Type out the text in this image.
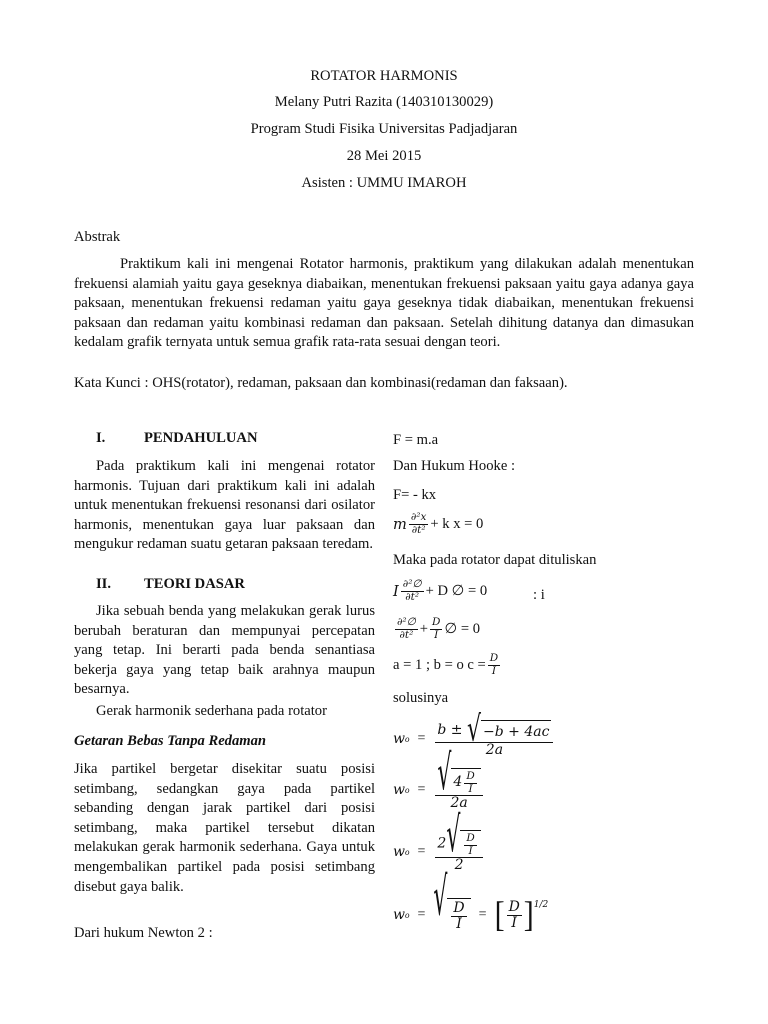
ROTATOR HARMONIS
Melany Putri Razita (140310130029)
Program Studi Fisika Universitas Padjadjaran
28 Mei 2015
Asisten : UMMU IMAROH
Abstrak
Praktikum kali ini mengenai Rotator harmonis, praktikum yang dilakukan adalah menentukan frekuensi alamiah yaitu gaya geseknya diabaikan, menentukan frekuensi paksaan yaitu gaya adanya gaya paksaan, menentukan frekuensi redaman yaitu gaya geseknya tidak diabaikan, menentukan frekuensi paksaan dan redaman yaitu kombinasi redaman dan paksaan. Setelah dihitung datanya dan dimasukan kedalam grafik ternyata untuk semua grafik rata-rata sesuai dengan teori.
Kata Kunci : OHS(rotator), redaman, paksaan dan kombinasi(redaman dan faksaan).
I.	PENDAHULUAN
Pada praktikum kali ini mengenai rotator harmonis. Tujuan dari praktikum kali ini adalah untuk menentukan frekuensi resonansi dari osilator harmonis, menentukan gaya luar paksaan dan mengukur redaman suatu getaran paksaan teredam.
II. TEORI DASAR
Jika sebuah benda yang melakukan gerak lurus berubah beraturan dan mempunyai percepatan yang tetap. Ini berarti pada benda senantiasa bekerja gaya yang tetap baik arahnya maupun besarnya.
Gerak harmonik sederhana pada rotator
Getaran Bebas Tanpa Redaman
Jika partikel bergetar disekitar suatu posisi setimbang, sedangkan gaya pada partikel sebanding dengan jarak partikel dari posisi setimbang, maka partikel tersebut dikatan melakukan gerak harmonik sederhana. Gaya untuk mengembalikan partikel pada posisi setimbang disebut gaya balik.
Dari hukum Newton 2 :
F = m.a
Dan Hukum Hooke :
F= - kx
m $\frac{\text{∂²x}}{\text{∂t²}} + k$ x = 0
Maka pada rotator dapat dituliskan
I $\frac{\text{∂²∅}}{\text{∂t²}} + D$ ∅ = 0	: i
$\frac{\text{∂²∅}}{\text{∂t²}} + \frac{D}{I}$ ∅ = 0
a = 1 ; b = o $c = \frac{D}{I}$
solusinya
w $o = \frac{b \pm √ -b + 4ac}{2a}$
w $o = \frac{√ 4 \frac{D}{I}}{2a}$
w $o = \frac{2 √ \frac{D}{I}}{2}$
w o = √ $\frac{D}{I}$ = [ $\frac{D}{I}$ ] 1/2
